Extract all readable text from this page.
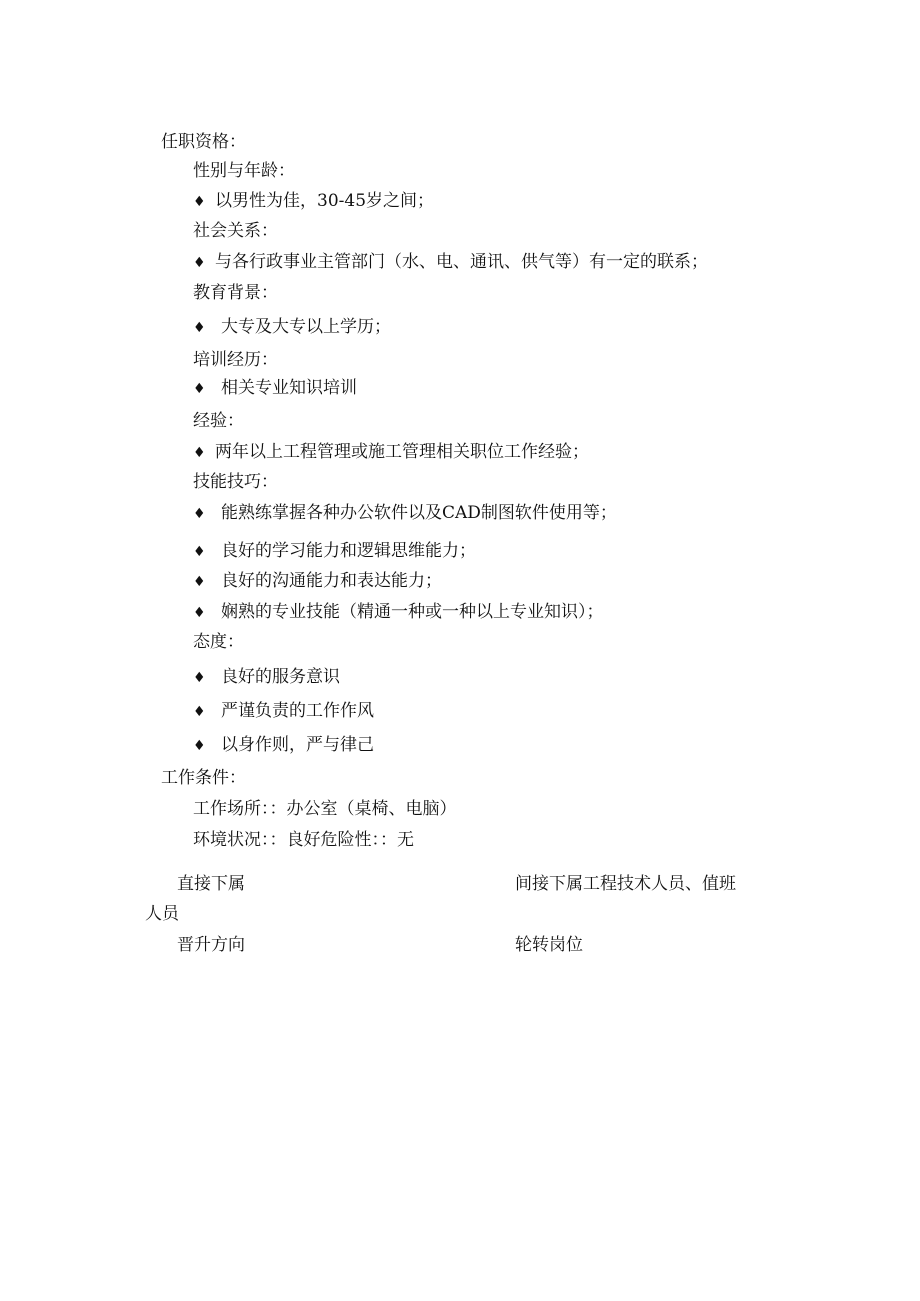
任职资格：
性别与年龄：
♦ 以男性为佳，30-45岁之间；
社会关系：
♦ 与各行政事业主管部门（水、电、通讯、供气等）有一定的联系；
教育背景：
♦ 大专及大专以上学历；
培训经历：
♦ 相关专业知识培训
经验：
♦ 两年以上工程管理或施工管理相关职位工作经验；
技能技巧：
♦ 能熟练掌握各种办公软件以及CAD制图软件使用等；
♦ 良好的学习能力和逻辑思维能力；
♦ 良好的沟通能力和表达能力；
♦ 娴熟的专业技能（精通一种或一种以上专业知识）；
态度：
♦ 良好的服务意识
♦ 严谨负责的工作作风
♦ 以身作则，严与律己
工作条件：
工作场所：：办公室（桌椅、电脑）
环境状况：：良好危险性：：无
直接下属	间接下属工程技术人员、值班
人员
晋升方向	轮转岗位
